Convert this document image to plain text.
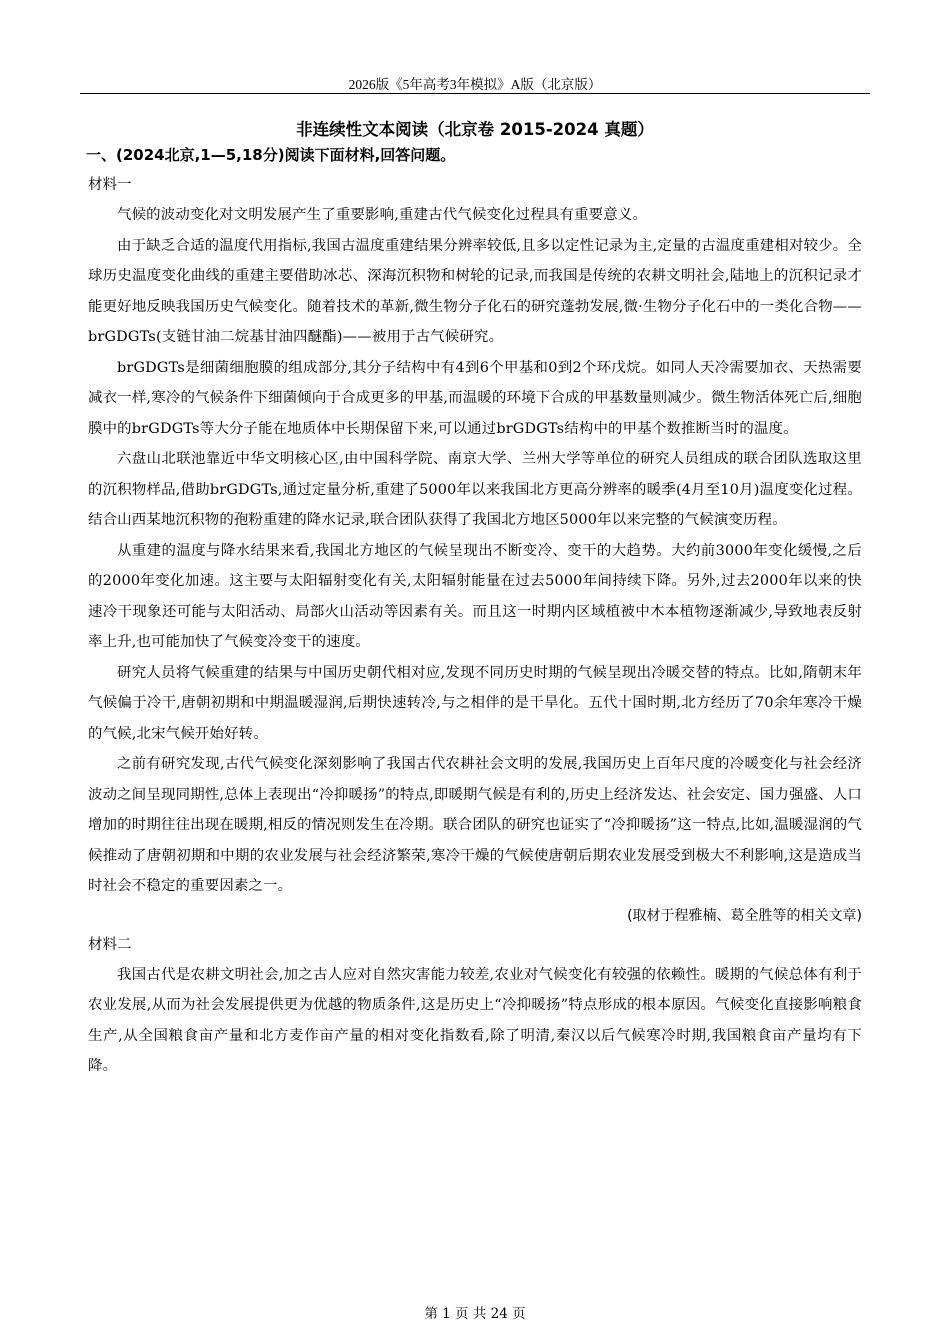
2026版《5年高考3年模拟》A版（北京版）

非连续性文本阅读（北京卷 2015-2024 真题）

一、(2024北京,1—5,18分)阅读下面材料,回答问题。

材料一

气候的波动变化对文明发展产生了重要影响,重建古代气候变化过程具有重要意义。

由于缺乏合适的温度代用指标,我国古温度重建结果分辨率较低,且多以定性记录为主,定量的古温度重建相对较少。全球历史温度变化曲线的重建主要借助冰芯、深海沉积物和树轮的记录,而我国是传统的农耕文明社会,陆地上的沉积记录才能更好地反映我国历史气候变化。随着技术的革新,微生物分子化石的研究蓬勃发展,微·生物分子化石中的一类化合物——brGDGTs(支链甘油二烷基甘油四醚酯)——被用于古气候研究。

brGDGTs是细菌细胞膜的组成部分,其分子结构中有4到6个甲基和0到2个环戊烷。如同人天冷需要加衣、天热需要减衣一样,寒冷的气候条件下细菌倾向于合成更多的甲基,而温暖的环境下合成的甲基数量则减少。微生物活体死亡后,细胞膜中的brGDGTs等大分子能在地质体中长期保留下来,可以通过brGDGTs结构中的甲基个数推断当时的温度。

六盘山北联池靠近中华文明核心区,由中国科学院、南京大学、兰州大学等单位的研究人员组成的联合团队选取这里的沉积物样品,借助brGDGTs,通过定量分析,重建了5000年以来我国北方更高分辨率的暖季(4月至10月)温度变化过程。结合山西某地沉积物的孢粉重建的降水记录,联合团队获得了我国北方地区5000年以来完整的气候演变历程。

从重建的温度与降水结果来看,我国北方地区的气候呈现出不断变冷、变干的大趋势。大约前3000年变化缓慢,之后的2000年变化加速。这主要与太阳辐射变化有关,太阳辐射能量在过去5000年间持续下降。另外,过去2000年以来的快速冷干现象还可能与太阳活动、局部火山活动等因素有关。而且这一时期内区域植被中木本植物逐渐减少,导致地表反射率上升,也可能加快了气候变冷变干的速度。

研究人员将气候重建的结果与中国历史朝代相对应,发现不同历史时期的气候呈现出冷暖交替的特点。比如,隋朝末年气候偏于冷干,唐朝初期和中期温暖湿润,后期快速转冷,与之相伴的是干旱化。五代十国时期,北方经历了70余年寒冷干燥的气候,北宋气候开始好转。

之前有研究发现,古代气候变化深刻影响了我国古代农耕社会文明的发展,我国历史上百年尺度的冷暖变化与社会经济波动之间呈现同期性,总体上表现出“冷抑暖扬”的特点,即暖期气候是有利的,历史上经济发达、社会安定、国力强盛、人口增加的时期往往出现在暖期,相反的情况则发生在冷期。联合团队的研究也证实了“冷抑暖扬”这一特点,比如,温暖湿润的气候推动了唐朝初期和中期的农业发展与社会经济繁荣,寒冷干燥的气候使唐朝后期农业发展受到极大不利影响,这是造成当时社会不稳定的重要因素之一。

(取材于程雅楠、葛全胜等的相关文章)

材料二

我国古代是农耕文明社会,加之古人应对自然灾害能力较差,农业对气候变化有较强的依赖性。暖期的气候总体有利于农业发展,从而为社会发展提供更为优越的物质条件,这是历史上“冷抑暖扬”特点形成的根本原因。气候变化直接影响粮食生产,从全国粮食亩产量和北方麦作亩产量的相对变化指数看,除了明清,秦汉以后气候寒冷时期,我国粮食亩产量均有下降。

第 1 页 共 24 页
